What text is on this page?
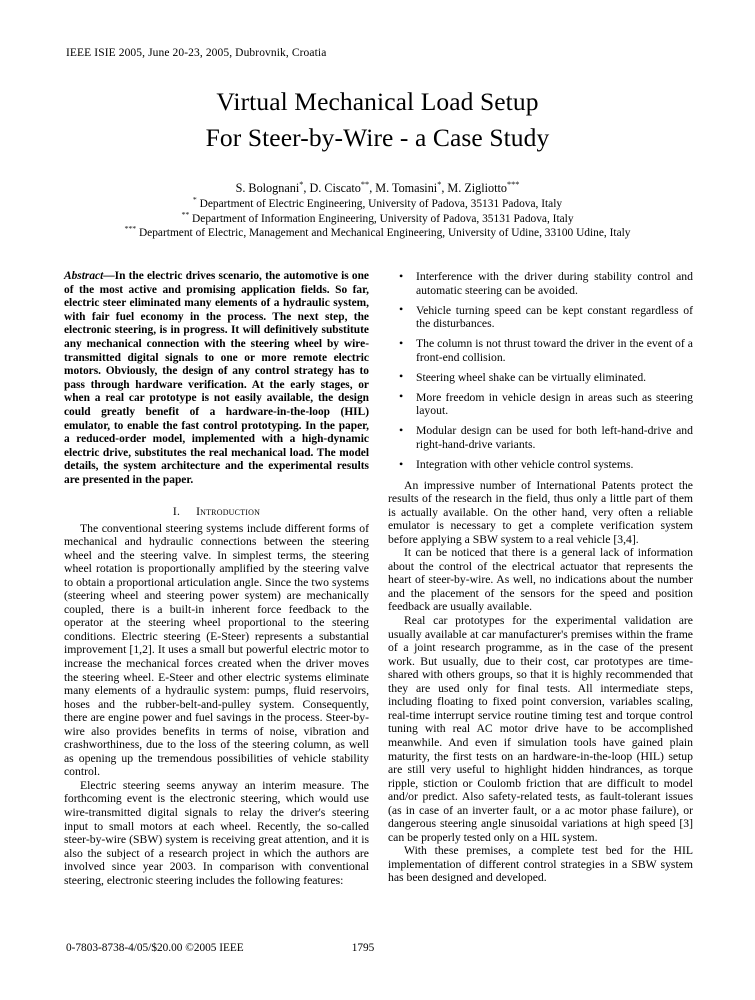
IEEE ISIE 2005, June 20-23, 2005, Dubrovnik, Croatia
Virtual Mechanical Load Setup
For Steer-by-Wire - a Case Study
S. Bolognani*, D. Ciscato**, M. Tomasini*, M. Zigliotto***
* Department of Electric Engineering, University of Padova, 35131 Padova, Italy
** Department of Information Engineering, University of Padova, 35131 Padova, Italy
*** Department of Electric, Management and Mechanical Engineering, University of Udine, 33100 Udine, Italy

Abstract—In the electric drives scenario, the automotive is one of the most active and promising application fields. So far, electric steer eliminated many elements of a hydraulic system, with fair fuel economy in the process. The next step, the electronic steering, is in progress. It will definitively substitute any mechanical connection with the steering wheel by wire-transmitted digital signals to one or more remote electric motors. Obviously, the design of any control strategy has to pass through hardware verification. At the early stages, or when a real car prototype is not easily available, the design could greatly benefit of a hardware-in-the-loop (HIL) emulator, to enable the fast control prototyping. In the paper, a reduced-order model, implemented with a high-dynamic electric drive, substitutes the real mechanical load. The model details, the system architecture and the experimental results are presented in the paper.

I. Introduction

The conventional steering systems include different forms of mechanical and hydraulic connections between the steering wheel and the steering valve. In simplest terms, the steering wheel rotation is proportionally amplified by the steering valve to obtain a proportional articulation angle. Since the two systems (steering wheel and steering power system) are mechanically coupled, there is a built-in inherent force feedback to the operator at the steering wheel proportional to the steering conditions. Electric steering (E-Steer) represents a substantial improvement [1,2]. It uses a small but powerful electric motor to increase the mechanical forces created when the driver moves the steering wheel. E-Steer and other electric systems eliminate many elements of a hydraulic system: pumps, fluid reservoirs, hoses and the rubber-belt-and-pulley system. Consequently, there are engine power and fuel savings in the process. Steer-by-wire also provides benefits in terms of noise, vibration and crashworthiness, due to the loss of the steering column, as well as opening up the tremendous possibilities of vehicle stability control.

Electric steering seems anyway an interim measure. The forthcoming event is the electronic steering, which would use wire-transmitted digital signals to relay the driver's steering input to small motors at each wheel. Recently, the so-called steer-by-wire (SBW) system is receiving great attention, and it is also the subject of a research project in which the authors are involved since year 2003. In comparison with conventional steering, electronic steering includes the following features:

• Interference with the driver during stability control and automatic steering can be avoided.
• Vehicle turning speed can be kept constant regardless of the disturbances.
• The column is not thrust toward the driver in the event of a front-end collision.
• Steering wheel shake can be virtually eliminated.
• More freedom in vehicle design in areas such as steering layout.
• Modular design can be used for both left-hand-drive and right-hand-drive variants.
• Integration with other vehicle control systems.

An impressive number of International Patents protect the results of the research in the field, thus only a little part of them is actually available. On the other hand, very often a reliable emulator is necessary to get a complete verification system before applying a SBW system to a real vehicle [3,4].

It can be noticed that there is a general lack of information about the control of the electrical actuator that represents the heart of steer-by-wire. As well, no indications about the number and the placement of the sensors for the speed and position feedback are usually available.

Real car prototypes for the experimental validation are usually available at car manufacturer's premises within the frame of a joint research programme, as in the case of the present work. But usually, due to their cost, car prototypes are time-shared with others groups, so that it is highly recommended that they are used only for final tests. All intermediate steps, including floating to fixed point conversion, variables scaling, real-time interrupt service routine timing test and torque control tuning with real AC motor drive have to be accomplished meanwhile. And even if simulation tools have gained plain maturity, the first tests on an hardware-in-the-loop (HIL) setup are still very useful to highlight hidden hindrances, as torque ripple, stiction or Coulomb friction that are difficult to model and/or predict. Also safety-related tests, as fault-tolerant issues (as in case of an inverter fault, or a ac motor phase failure), or dangerous steering angle sinusoidal variations at high speed [3] can be properly tested only on a HIL system.

With these premises, a complete test bed for the HIL implementation of different control strategies in a SBW system has been designed and developed.

0-7803-8738-4/05/$20.00 ©2005 IEEE	1795
